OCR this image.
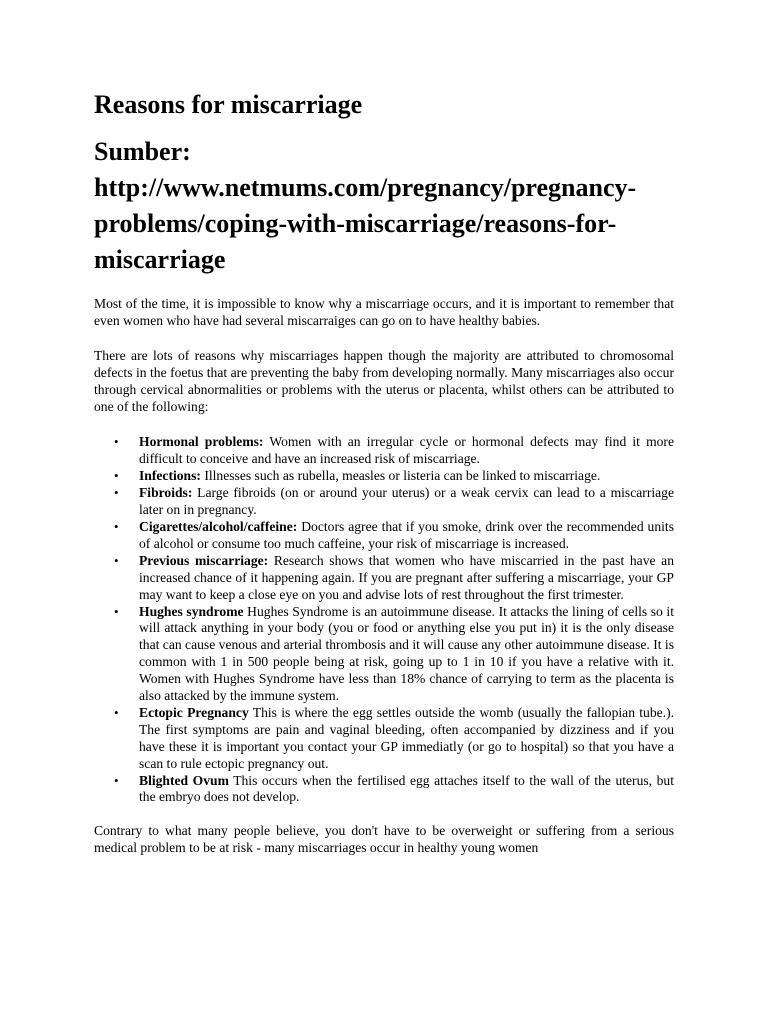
Reasons for miscarriage
Sumber:
http://www.netmums.com/pregnancy/pregnancy-problems/coping-with-miscarriage/reasons-for-miscarriage

Most of the time, it is impossible to know why a miscarriage occurs, and it is important to remember that even women who have had several miscarraiges can go on to have healthy babies.

There are lots of reasons why miscarriages happen though the majority are attributed to chromosomal defects in the foetus that are preventing the baby from developing normally. Many miscarriages also occur through cervical abnormalities or problems with the uterus or placenta, whilst others can be attributed to one of the following:

• Hormonal problems: Women with an irregular cycle or hormonal defects may find it more difficult to conceive and have an increased risk of miscarriage.
• Infections: Illnesses such as rubella, measles or listeria can be linked to miscarriage.
• Fibroids: Large fibroids (on or around your uterus) or a weak cervix can lead to a miscarriage later on in pregnancy.
• Cigarettes/alcohol/caffeine: Doctors agree that if you smoke, drink over the recommended units of alcohol or consume too much caffeine, your risk of miscarriage is increased.
• Previous miscarriage: Research shows that women who have miscarried in the past have an increased chance of it happening again. If you are pregnant after suffering a miscarriage, your GP may want to keep a close eye on you and advise lots of rest throughout the first trimester.
• Hughes syndrome Hughes Syndrome is an autoimmune disease. It attacks the lining of cells so it will attack anything in your body (you or food or anything else you put in) it is the only disease that can cause venous and arterial thrombosis and it will cause any other autoimmune disease. It is common with 1 in 500 people being at risk, going up to 1 in 10 if you have a relative with it. Women with Hughes Syndrome have less than 18% chance of carrying to term as the placenta is also attacked by the immune system.
• Ectopic Pregnancy This is where the egg settles outside the womb (usually the fallopian tube.). The first symptoms are pain and vaginal bleeding, often accompanied by dizziness and if you have these it is important you contact your GP immediatly (or go to hospital) so that you have a scan to rule ectopic pregnancy out.
• Blighted Ovum This occurs when the fertilised egg attaches itself to the wall of the uterus, but the embryo does not develop.

Contrary to what many people believe, you don't have to be overweight or suffering from a serious medical problem to be at risk - many miscarriages occur in healthy young women
